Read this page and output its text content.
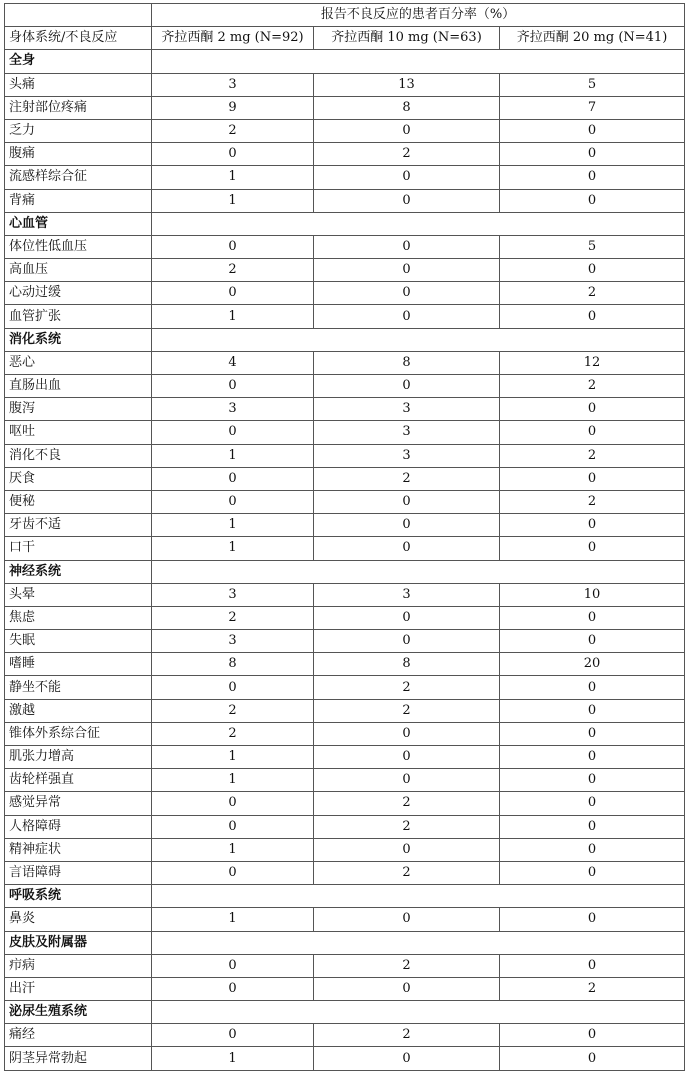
	报告不良反应的患者百分率（%）		
身体系统/不良反应	齐拉西酮 2 mg (N=92)	齐拉西酮 10 mg (N=63)	齐拉西酮 20 mg (N=41)
全身			
头痛	3	13	5
注射部位疼痛	9	8	7
乏力	2	0	0
腹痛	0	2	0
流感样综合征	1	0	0
背痛	1	0	0
心血管			
体位性低血压	0	0	5
高血压	2	0	0
心动过缓	0	0	2
血管扩张	1	0	0
消化系统			
恶心	4	8	12
直肠出血	0	0	2
腹泻	3	3	0
呕吐	0	3	0
消化不良	1	3	2
厌食	0	2	0
便秘	0	0	2
牙齿不适	1	0	0
口干	1	0	0
神经系统			
头晕	3	3	10
焦虑	2	0	0
失眠	3	0	0
嗜睡	8	8	20
静坐不能	0	2	0
激越	2	2	0
锥体外系综合征	2	0	0
肌张力增高	1	0	0
齿轮样强直	1	0	0
感觉异常	0	2	0
人格障碍	0	2	0
精神症状	1	0	0
言语障碍	0	2	0
呼吸系统			
鼻炎	1	0	0
皮肤及附属器			
疖病	0	2	0
出汗	0	0	2
泌尿生殖系统			
痛经	0	2	0
阴茎异常勃起	1	0	0
